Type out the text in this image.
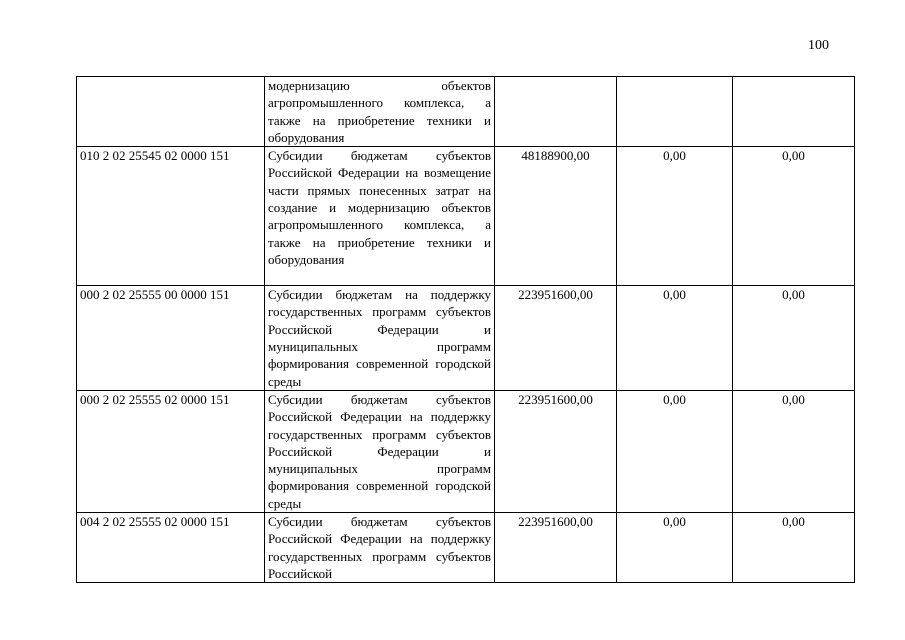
100
	модернизацию объектов агропромышленного комплекса, а также на приобретение техники и оборудования			
010 2 02 25545 02 0000 151	Субсидии бюджетам субъектов Российской Федерации на возмещение части прямых понесенных затрат на создание и модернизацию объектов агропромышленного комплекса, а также на приобретение техники и оборудования	48188900,00	0,00	0,00
000 2 02 25555 00 0000 151	Субсидии бюджетам на поддержку государственных программ субъектов Российской Федерации и муниципальных программ формирования современной городской среды	223951600,00	0,00	0,00
000 2 02 25555 02 0000 151	Субсидии бюджетам субъектов Российской Федерации на поддержку государственных программ субъектов Российской Федерации и муниципальных программ формирования современной городской среды	223951600,00	0,00	0,00
004 2 02 25555 02 0000 151	Субсидии бюджетам субъектов Российской Федерации на поддержку государственных программ субъектов Российской	223951600,00	0,00	0,00
